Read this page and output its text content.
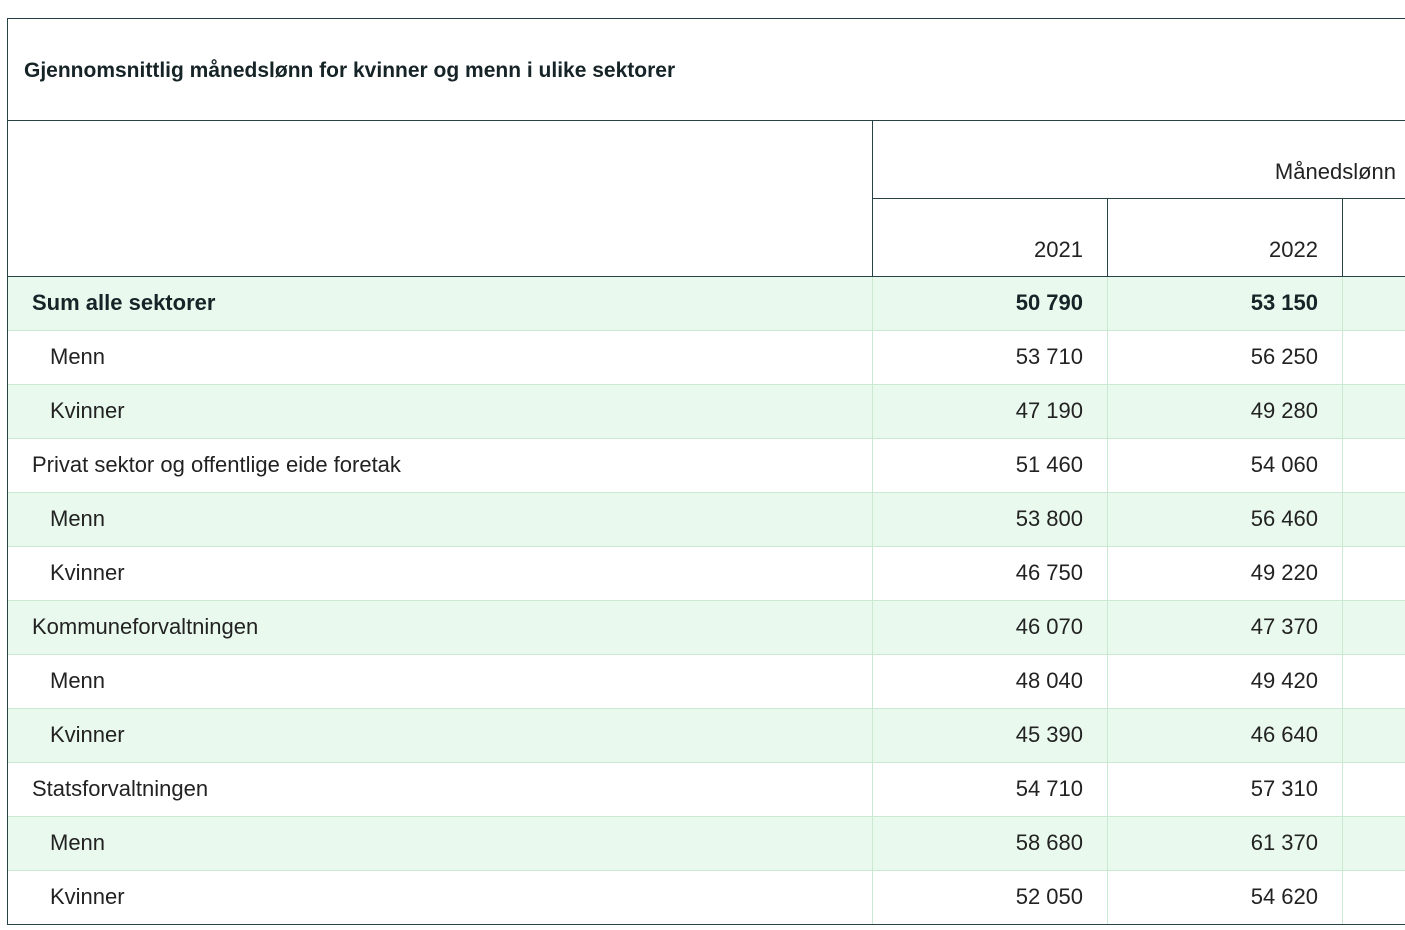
Gjennomsnittlig månedslønn for kvinner og menn i ulike sektorer
Månedslønn
2021	2022
Sum alle sektorer	50 790	53 150
Menn	53 710	56 250
Kvinner	47 190	49 280
Privat sektor og offentlige eide foretak	51 460	54 060
Menn	53 800	56 460
Kvinner	46 750	49 220
Kommuneforvaltningen	46 070	47 370
Menn	48 040	49 420
Kvinner	45 390	46 640
Statsforvaltningen	54 710	57 310
Menn	58 680	61 370
Kvinner	52 050	54 620
